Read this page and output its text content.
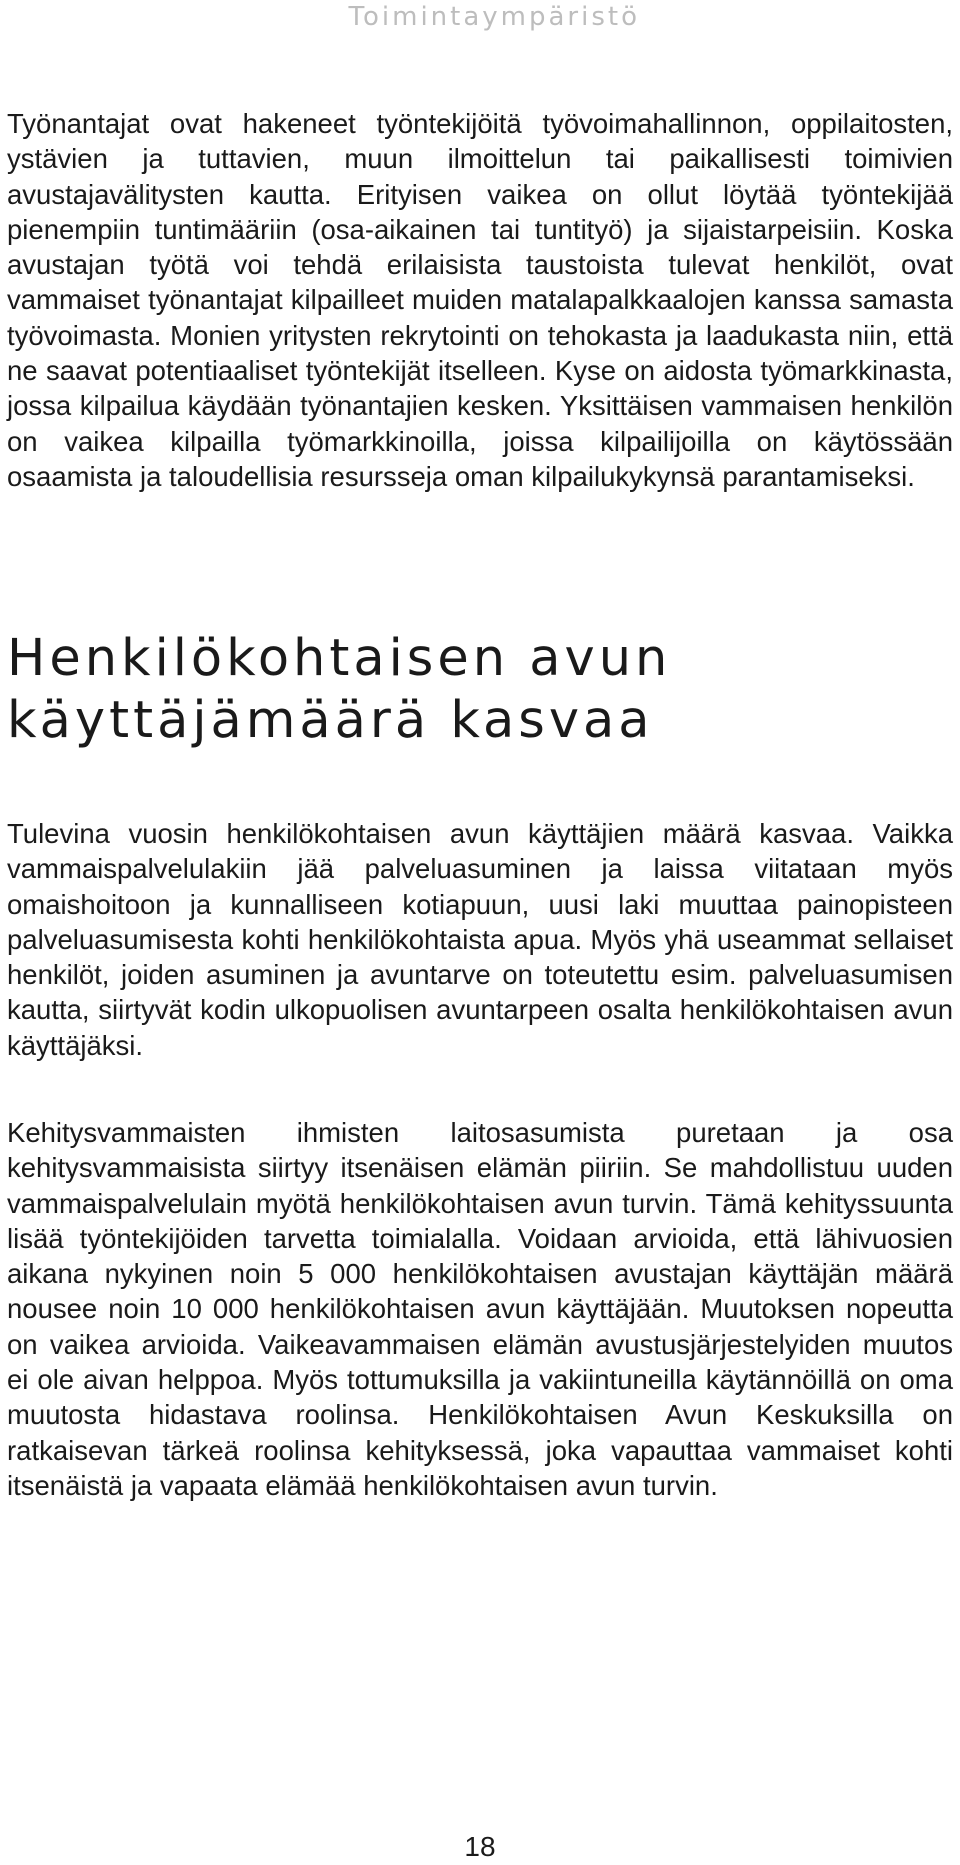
Toimintaympäristö

Työnantajat ovat hakeneet työntekijöitä työvoimahallinnon, oppilaitosten, ystävien ja tuttavien, muun ilmoittelun tai paikallisesti toimivien avustajavälitysten kautta. Erityisen vaikea on ollut löytää työntekijää pienempiin tuntimääriin (osa-aikainen tai tuntityö) ja sijaistarpeisiin. Koska avustajan työtä voi tehdä erilaisista taustoista tulevat henkilöt, ovat vammaiset työnantajat kilpailleet muiden matalapalkkaalojen kanssa samasta työvoimasta. Monien yritysten rekrytointi on tehokasta ja laadukasta niin, että ne saavat potentiaaliset työntekijät itselleen. Kyse on aidosta työmarkkinasta, jossa kilpailua käydään työnantajien kesken. Yksittäisen vammaisen henkilön on vaikea kilpailla työmarkkinoilla, joissa kilpailijoilla on käytössään osaamista ja taloudellisia resursseja oman kilpailukykynsä parantamiseksi.

Henkilökohtaisen avun käyttäjämäärä kasvaa

Tulevina vuosin henkilökohtaisen avun käyttäjien määrä kasvaa. Vaikka vammaispalvelulakiin jää palveluasuminen ja laissa viitataan myös omaishoitoon ja kunnalliseen kotiapuun, uusi laki muuttaa painopisteen palveluasumisesta kohti henkilökohtaista apua. Myös yhä useammat sellaiset henkilöt, joiden asuminen ja avuntarve on toteutettu esim. palveluasumisen kautta, siirtyvät kodin ulkopuolisen avuntarpeen osalta henkilökohtaisen avun käyttäjäksi.

Kehitysvammaisten ihmisten laitosasumista puretaan ja osa kehitysvammaisista siirtyy itsenäisen elämän piiriin. Se mahdollistuu uuden vammaispalvelulain myötä henkilökohtaisen avun turvin. Tämä kehityssuunta lisää työntekijöiden tarvetta toimialalla. Voidaan arvioida, että lähivuosien aikana nykyinen noin 5 000 henkilökohtaisen avustajan käyttäjän määrä nousee noin 10 000 henkilökohtaisen avun käyttäjään. Muutoksen nopeutta on vaikea arvioida. Vaikeavammaisen elämän avustusjärjestelyiden muutos ei ole aivan helppoa. Myös tottumuksilla ja vakiintuneilla käytännöillä on oma muutosta hidastava roolinsa. Henkilökohtaisen Avun Keskuksilla on ratkaisevan tärkeä roolinsa kehityksessä, joka vapauttaa vammaiset kohti itsenäistä ja vapaata elämää henkilökohtaisen avun turvin.

18
